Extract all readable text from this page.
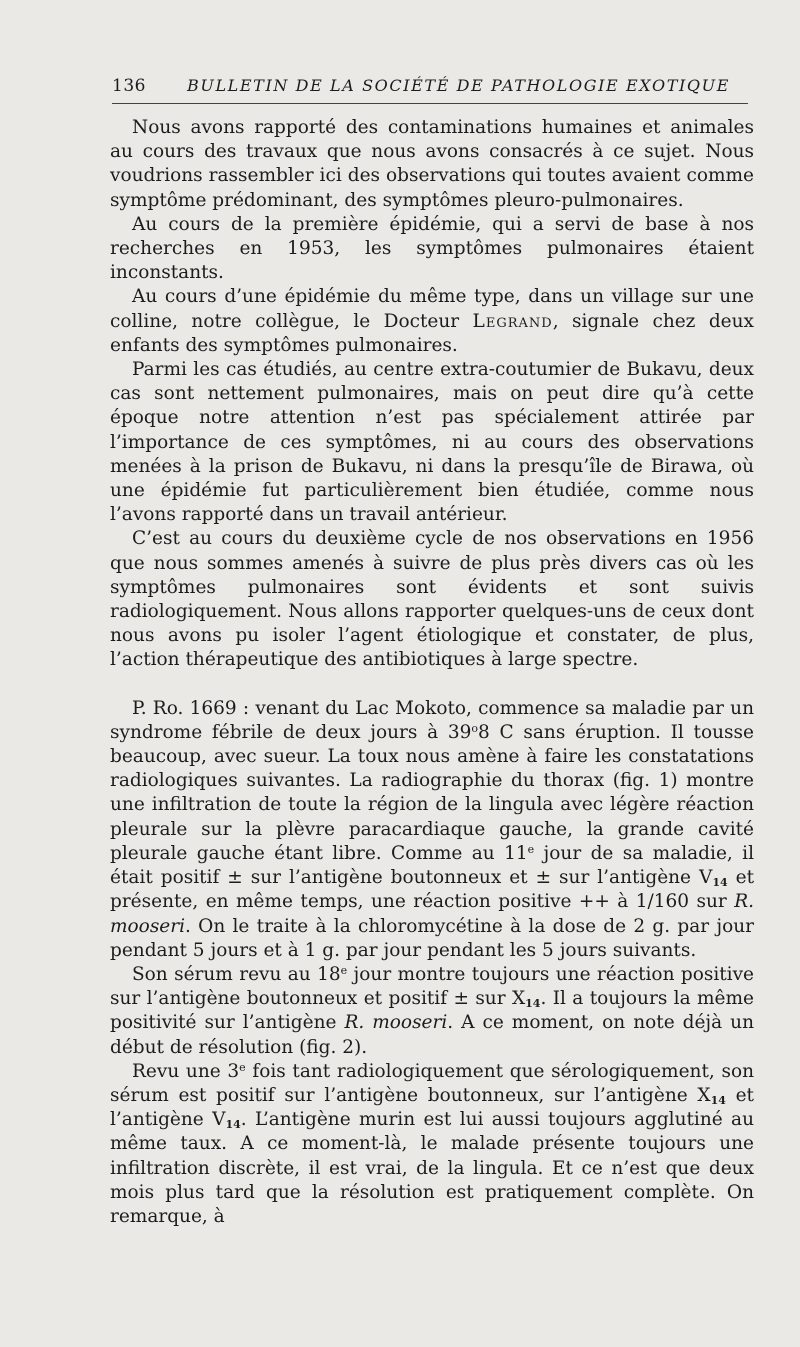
136	BULLETIN DE LA SOCIÉTÉ DE PATHOLOGIE EXOTIQUE

Nous avons rapporté des contaminations humaines et animales au cours des travaux que nous avons consacrés à ce sujet. Nous voudrions rassembler ici des observations qui toutes avaient comme symptôme prédominant, des symptômes pleuro-pulmonaires.

Au cours de la première épidémie, qui a servi de base à nos recherches en 1953, les symptômes pulmonaires étaient inconstants.

Au cours d’une épidémie du même type, dans un village sur une colline, notre collègue, le Docteur Legrand, signale chez deux enfants des symptômes pulmonaires.

Parmi les cas étudiés, au centre extra-coutumier de Bukavu, deux cas sont nettement pulmonaires, mais on peut dire qu’à cette époque notre attention n’est pas spécialement attirée par l’importance de ces symptômes, ni au cours des observations menées à la prison de Bukavu, ni dans la presqu’île de Birawa, où une épidémie fut particulièrement bien étudiée, comme nous l’avons rapporté dans un travail antérieur.

C’est au cours du deuxième cycle de nos observations en 1956 que nous sommes amenés à suivre de plus près divers cas où les symptômes pulmonaires sont évidents et sont suivis radiologiquement. Nous allons rapporter quelques-uns de ceux dont nous avons pu isoler l’agent étiologique et constater, de plus, l’action thérapeutique des antibiotiques à large spectre.

P. Ro. 1669 : venant du Lac Mokoto, commence sa maladie par un syndrome fébrile de deux jours à 39$^o$8 C sans éruption. Il tousse beaucoup, avec sueur. La toux nous amène à faire les constatations radiologiques suivantes. La radiographie du thorax (fig. 1) montre une infiltration de toute la région de la lingula avec légère réaction pleurale sur la plèvre paracardiaque gauche, la grande cavité pleurale gauche étant libre. Comme au 11e jour de sa maladie, il était positif ± sur l’antigène boutonneux et ± sur l’antigène $V_{14}$ et présente, en même temps, une réaction positive ++ à 1/160 sur R. mooseri. On le traite à la chloromycétine à la dose de 2 g. par jour pendant 5 jours et à 1 g. par jour pendant les 5 jours suivants.

Son sérum revu au 18e jour montre toujours une réaction positive sur l’antigène boutonneux et positif ± sur $X_{14}$. Il a toujours la même positivité sur l’antigène R. mooseri. A ce moment, on note déjà un début de résolution (fig. 2).

Revu une 3e fois tant radiologiquement que sérologiquement, son sérum est positif sur l’antigène boutonneux, sur l’antigène $X_{14}$ et l’antigène $V_{14}$. L’antigène murin est lui aussi toujours agglutiné au même taux. A ce moment-là, le malade présente toujours une infiltration discrète, il est vrai, de la lingula. Et ce n’est que deux mois plus tard que la résolution est pratiquement complète. On remarque, à
